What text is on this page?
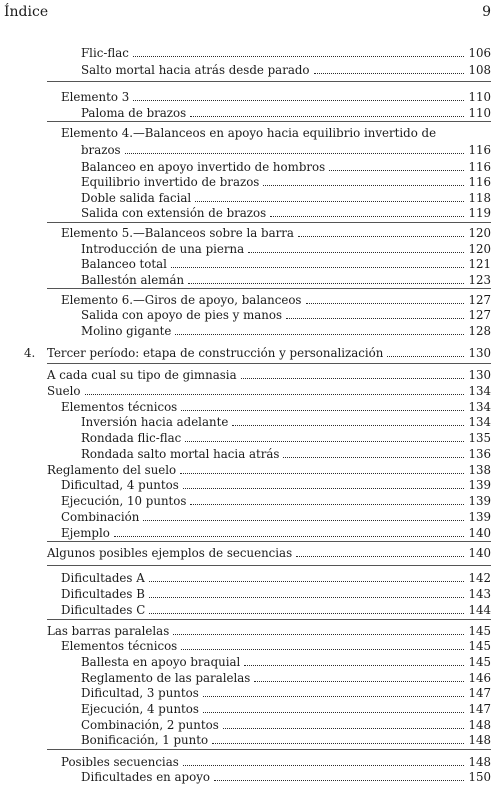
Índice	9
Flic-flac	106
Salto mortal hacia atrás desde parado	108
Elemento 3	110
Paloma de brazos	110
Elemento 4.—Balanceos en apoyo hacia equilibrio invertido de
brazos	116
Balanceo en apoyo invertido de hombros	116
Equilibrio invertido de brazos	116
Doble salida facial	118
Salida con extensión de brazos	119
Elemento 5.—Balanceos sobre la barra	120
Introducción de una pierna	120
Balanceo total	121
Ballestón alemán	123
Elemento 6.—Giros de apoyo, balanceos	127
Salida con apoyo de pies y manos	127
Molino gigante	128
4. Tercer período: etapa de construcción y personalización	130
A cada cual su tipo de gimnasia	130
Suelo	134
Elementos técnicos	134
Inversión hacia adelante	134
Rondada flic-flac	135
Rondada salto mortal hacia atrás	136
Reglamento del suelo	138
Dificultad, 4 puntos	139
Ejecución, 10 puntos	139
Combinación	139
Ejemplo	140
Algunos posibles ejemplos de secuencias	140
Dificultades A	142
Dificultades B	143
Dificultades C	144
Las barras paralelas	145
Elementos técnicos	145
Ballesta en apoyo braquial	145
Reglamento de las paralelas	146
Dificultad, 3 puntos	147
Ejecución, 4 puntos	147
Combinación, 2 puntos	148
Bonificación, 1 punto	148
Posibles secuencias	148
Dificultades en apoyo	150
